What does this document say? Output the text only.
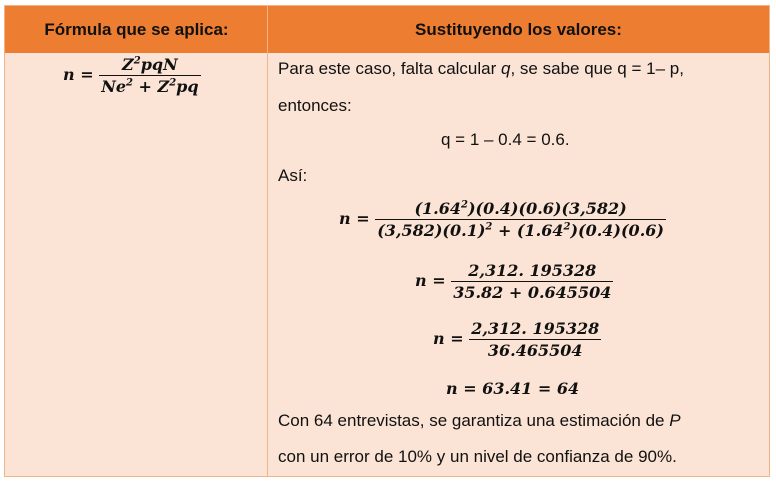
Fórmula que se aplica:	Sustituyendo los valores:
$n = \frac{Z^2pqN}{Ne^2 + Z^2pq}$	Para este caso, falta calcular q, se sabe que q = 1– p,
entonces:
q = 1 – 0.4 = 0.6.
Así:
$n = \frac{(1.64^2)(0.4)(0.6)(3,582)}{(3,582)(0.1)^2 + (1.64^2)(0.4)(0.6)}$
$n = \frac{2,312. 195328}{35.82 + 0.645504}$
$n = \frac{2,312. 195328}{36.465504}$
n = 63.41 = 64
Con 64 entrevistas, se garantiza una estimación de P
con un error de 10% y un nivel de confianza de 90%.
